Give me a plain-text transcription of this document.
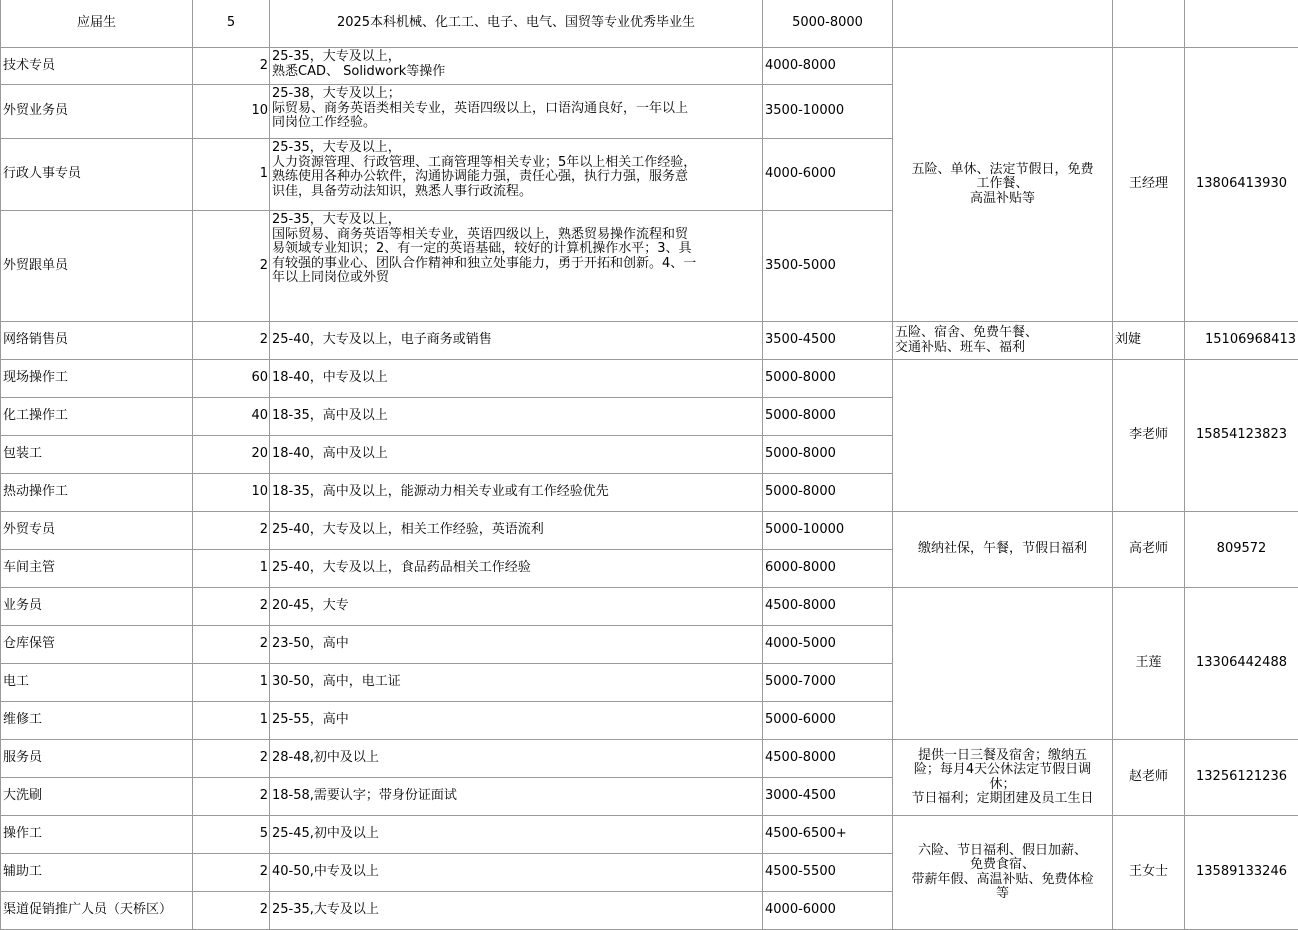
应届生	5	2025本科机械、化工工、电子、电气、国贸等专业优秀毕业生	5000-8000			
技术专员	2	25-35，大专及以上，
熟悉CAD、 Solidwork等操作	4000-8000	五险、单休、法定节假日，免费
工作餐、
高温补贴等	王经理	13806413930
外贸业务员	10	25-38，大专及以上；
际贸易、商务英语类相关专业，英语四级以上，口语沟通良好，一年以上
同岗位工作经验。	3500-10000			
行政人事专员	1	25-35，大专及以上，
人力资源管理、行政管理、工商管理等相关专业；5年以上相关工作经验，
熟练使用各种办公软件，沟通协调能力强，责任心强，执行力强，服务意
识佳，具备劳动法知识，熟悉人事行政流程。	4000-6000			
外贸跟单员	2	25-35，大专及以上，
国际贸易、商务英语等相关专业，英语四级以上，熟悉贸易操作流程和贸
易领域专业知识；2、有一定的英语基础，较好的计算机操作水平；3、具
有较强的事业心、团队合作精神和独立处事能力，勇于开拓和创新。4、一
年以上同岗位或外贸	3500-5000			
网络销售员	2	25-40，大专及以上，电子商务或销售	3500-4500	五险、宿舍、免费午餐、
交通补贴、班车、福利	刘婕	15106968413
现场操作工	60	18-40，中专及以上	5000-8000		李老师	15854123823
化工操作工	40	18-35，高中及以上	5000-8000			
包装工	20	18-40，高中及以上	5000-8000			
热动操作工	10	18-35，高中及以上，能源动力相关专业或有工作经验优先	5000-8000			
外贸专员	2	25-40，大专及以上，相关工作经验，英语流利	5000-10000	缴纳社保，午餐，节假日福利	高老师	809572
车间主管	1	25-40，大专及以上，食品药品相关工作经验	6000-8000			
业务员	2	20-45，大专	4500-8000		王莲	13306442488
仓库保管	2	23-50，高中	4000-5000			
电工	1	30-50，高中，电工证	5000-7000			
维修工	1	25-55，高中	5000-6000			
服务员	2	28-48,初中及以上	4500-8000	提供一日三餐及宿舍；缴纳五
险；每月4天公休法定节假日调
休；
节日福利；定期团建及员工生日	赵老师	13256121236
大洗刷	2	18-58,需要认字；带身份证面试	3000-4500			
操作工	5	25-45,初中及以上	4500-6500+	六险、节日福利、假日加薪、
免费食宿、
带薪年假、高温补贴、免费体检
等	王女士	13589133246
辅助工	2	40-50,中专及以上	4500-5500			
渠道促销推广人员（天桥区）	2	25-35,大专及以上	4000-6000			
